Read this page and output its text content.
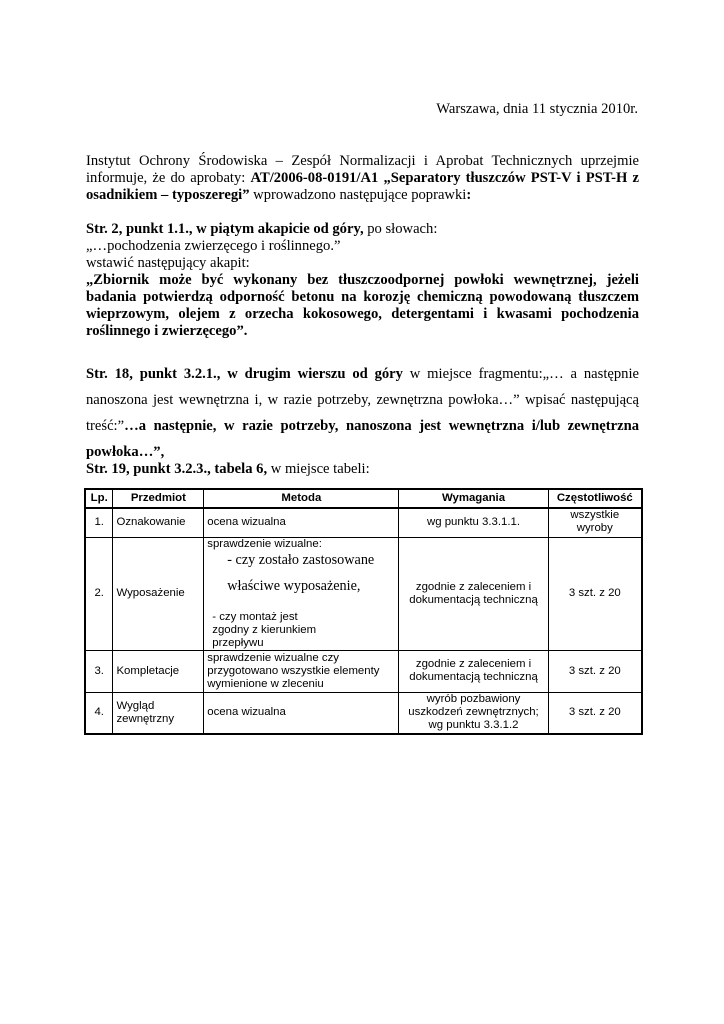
Warszawa, dnia 11 stycznia 2010r.
Instytut Ochrony Środowiska – Zespół Normalizacji i Aprobat Technicznych uprzejmie informuje, że do aprobaty: AT/2006-08-0191/A1 „Separatory tłuszczów PST-V i PST-H z osadnikiem – typoszeregi” wprowadzono następujące poprawki:
Str. 2, punkt 1.1., w piątym akapicie od góry, po słowach:
„…pochodzenia zwierzęcego i roślinnego.”
wstawić następujący akapit:
„Zbiornik może być wykonany bez tłuszczoodpornej powłoki wewnętrznej, jeżeli badania potwierdzą odporność betonu na korozję chemiczną powodowaną tłuszczem wieprzowym, olejem z orzecha kokosowego, detergentami i kwasami pochodzenia roślinnego i zwierzęcego”.
Str. 18, punkt 3.2.1., w drugim wierszu od góry w miejsce fragmentu:„… a następnie nanoszona jest wewnętrzna i, w razie potrzeby, zewnętrzna powłoka…” wpisać następującą treść:”…a następnie, w razie potrzeby, nanoszona jest wewnętrzna i/lub zewnętrzna powłoka…”,
Str. 19, punkt 3.2.3., tabela 6, w miejsce tabeli:
Lp.	Przedmiot	Metoda	Wymagania	Częstotliwość
1.	Oznakowanie	ocena wizualna	wg punktu 3.3.1.1.	wszystkie wyroby
2.	Wyposażenie	sprawdzenie wizualne:
- czy zostało zastosowane
właściwe wyposażenie,
- czy montaż jest zgodny z kierunkiem przepływu	zgodnie z zaleceniem i dokumentacją techniczną	3 szt. z 20
3.	Kompletacje	sprawdzenie wizualne czy przygotowano wszystkie elementy wymienione w zleceniu	zgodnie z zaleceniem i dokumentacją techniczną	3 szt. z 20
4.	Wygląd zewnętrzny	ocena wizualna	wyrób pozbawiony uszkodzeń zewnętrznych; wg punktu 3.3.1.2	3 szt. z 20
